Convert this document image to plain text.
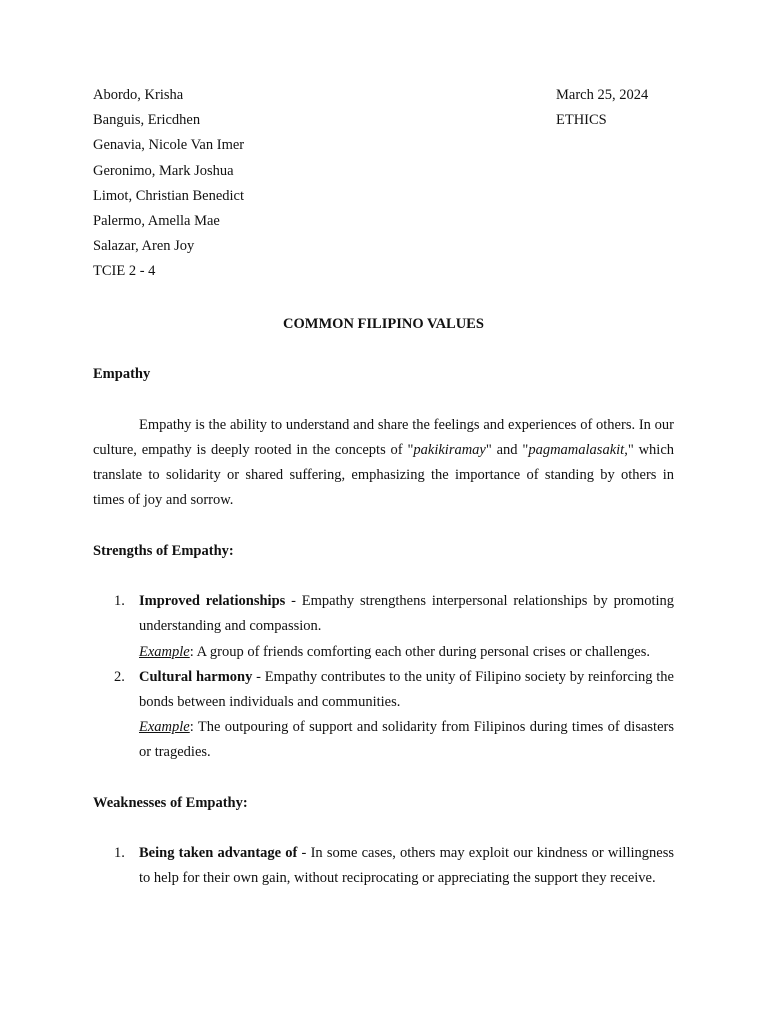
Abordo, Krisha
Banguis, Ericdhen
Genavia, Nicole Van Imer
Geronimo, Mark Joshua
Limot, Christian Benedict
Palermo, Amella Mae
Salazar, Aren Joy
TCIE 2 - 4
March 25, 2024
ETHICS
COMMON FILIPINO VALUES
Empathy
Empathy is the ability to understand and share the feelings and experiences of others. In our culture, empathy is deeply rooted in the concepts of "pakikiramay" and "pagmamalasakit," which translate to solidarity or shared suffering, emphasizing the importance of standing by others in times of joy and sorrow.
Strengths of Empathy:
1. Improved relationships - Empathy strengthens interpersonal relationships by promoting understanding and compassion.
Example: A group of friends comforting each other during personal crises or challenges.
2. Cultural harmony - Empathy contributes to the unity of Filipino society by reinforcing the bonds between individuals and communities.
Example: The outpouring of support and solidarity from Filipinos during times of disasters or tragedies.
Weaknesses of Empathy:
1. Being taken advantage of - In some cases, others may exploit our kindness or willingness to help for their own gain, without reciprocating or appreciating the support they receive.
